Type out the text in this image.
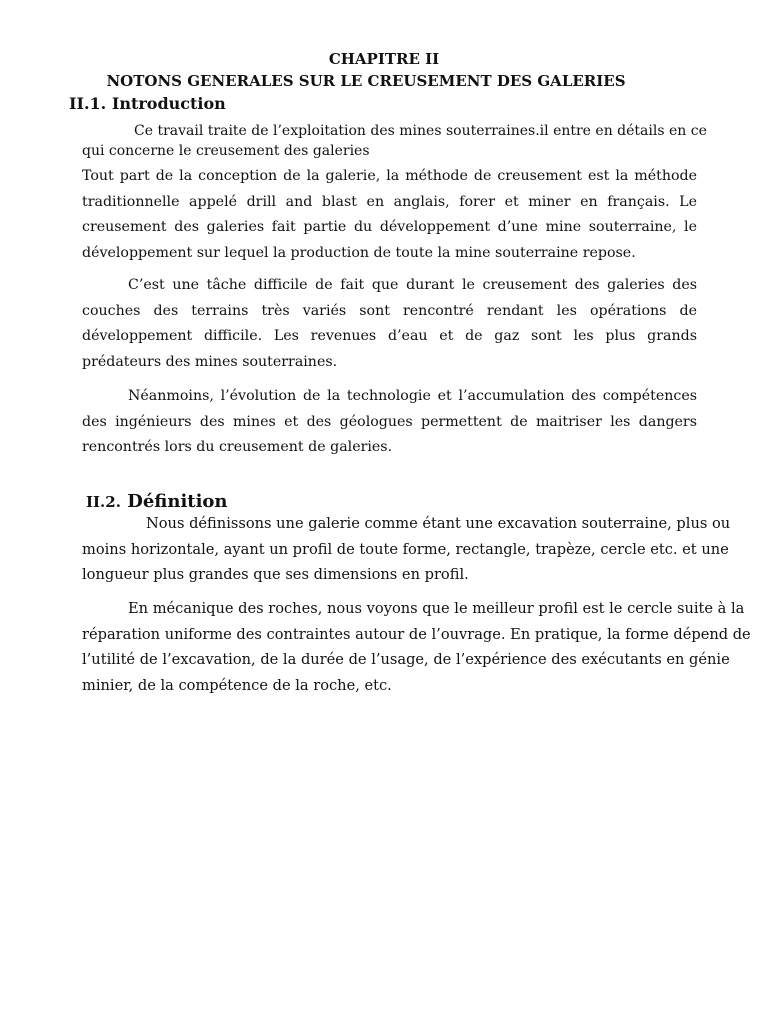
CHAPITRE II
NOTONS GENERALES SUR LE CREUSEMENT DES GALERIES
II.1. Introduction

Ce travail traite de l’exploitation des mines souterraines.il entre en détails en ce qui concerne le creusement des galeries

Tout part de la conception de la galerie, la méthode de creusement est la méthode traditionnelle appelé drill and blast en anglais, forer et miner en français. Le creusement des galeries fait partie du développement d’une mine souterraine, le développement sur lequel la production de toute la mine souterraine repose.

C’est une tâche difficile de fait que durant le creusement des galeries des couches des terrains très variés sont rencontré rendant les opérations de développement difficile. Les revenues d’eau et de gaz sont les plus grands prédateurs des mines souterraines.

Néanmoins, l’évolution de la technologie et l’accumulation des compétences des ingénieurs des mines et des géologues permettent de maitriser les dangers rencontrés lors du creusement de galeries.

II.2. Définition

Nous définissons une galerie comme étant une excavation souterraine, plus ou moins horizontale, ayant un profil de toute forme, rectangle, trapèze, cercle etc. et une longueur plus grandes que ses dimensions en profil.

En mécanique des roches, nous voyons que le meilleur profil est le cercle suite à la réparation uniforme des contraintes autour de l’ouvrage. En pratique, la forme dépend de l’utilité de l’excavation, de la durée de l’usage, de l’expérience des exécutants en génie minier, de la compétence de la roche, etc.
